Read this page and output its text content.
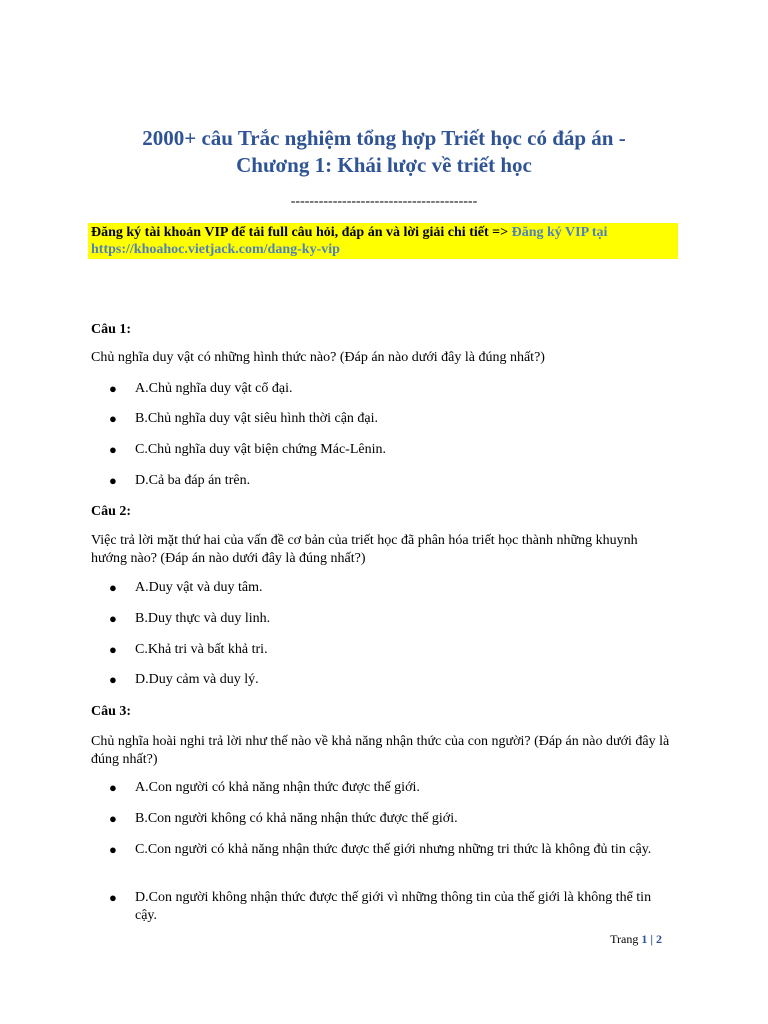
2000+ câu Trắc nghiệm tổng hợp Triết học có đáp án -
Chương 1: Khái lược về triết học
----------------------------------------
Đăng ký tài khoản VIP để tải full câu hỏi, đáp án và lời giải chi tiết => Đăng ký VIP tại https://khoahoc.vietjack.com/dang-ky-vip
Câu 1:
Chủ nghĩa duy vật có những hình thức nào? (Đáp án nào dưới đây là đúng nhất?)
●	A.Chủ nghĩa duy vật cổ đại.
●	B.Chủ nghĩa duy vật siêu hình thời cận đại.
●	C.Chủ nghĩa duy vật biện chứng Mác-Lênin.
●	D.Cả ba đáp án trên.
Câu 2:
Việc trả lời mặt thứ hai của vấn đề cơ bản của triết học đã phân hóa triết học thành những khuynh hướng nào? (Đáp án nào dưới đây là đúng nhất?)
●	A.Duy vật và duy tâm.
●	B.Duy thực và duy linh.
●	C.Khả tri và bất khả tri.
●	D.Duy cảm và duy lý.
Câu 3:
Chủ nghĩa hoài nghi trả lời như thế nào về khả năng nhận thức của con người? (Đáp án nào dưới đây là đúng nhất?)
●	A.Con người có khả năng nhận thức được thế giới.
●	B.Con người không có khả năng nhận thức được thế giới.
●	C.Con người có khả năng nhận thức được thế giới nhưng những tri thức là không đủ tin cậy.
●	D.Con người không nhận thức được thế giới vì những thông tin của thế giới là không thể tin cậy.
Trang 1 | 2
